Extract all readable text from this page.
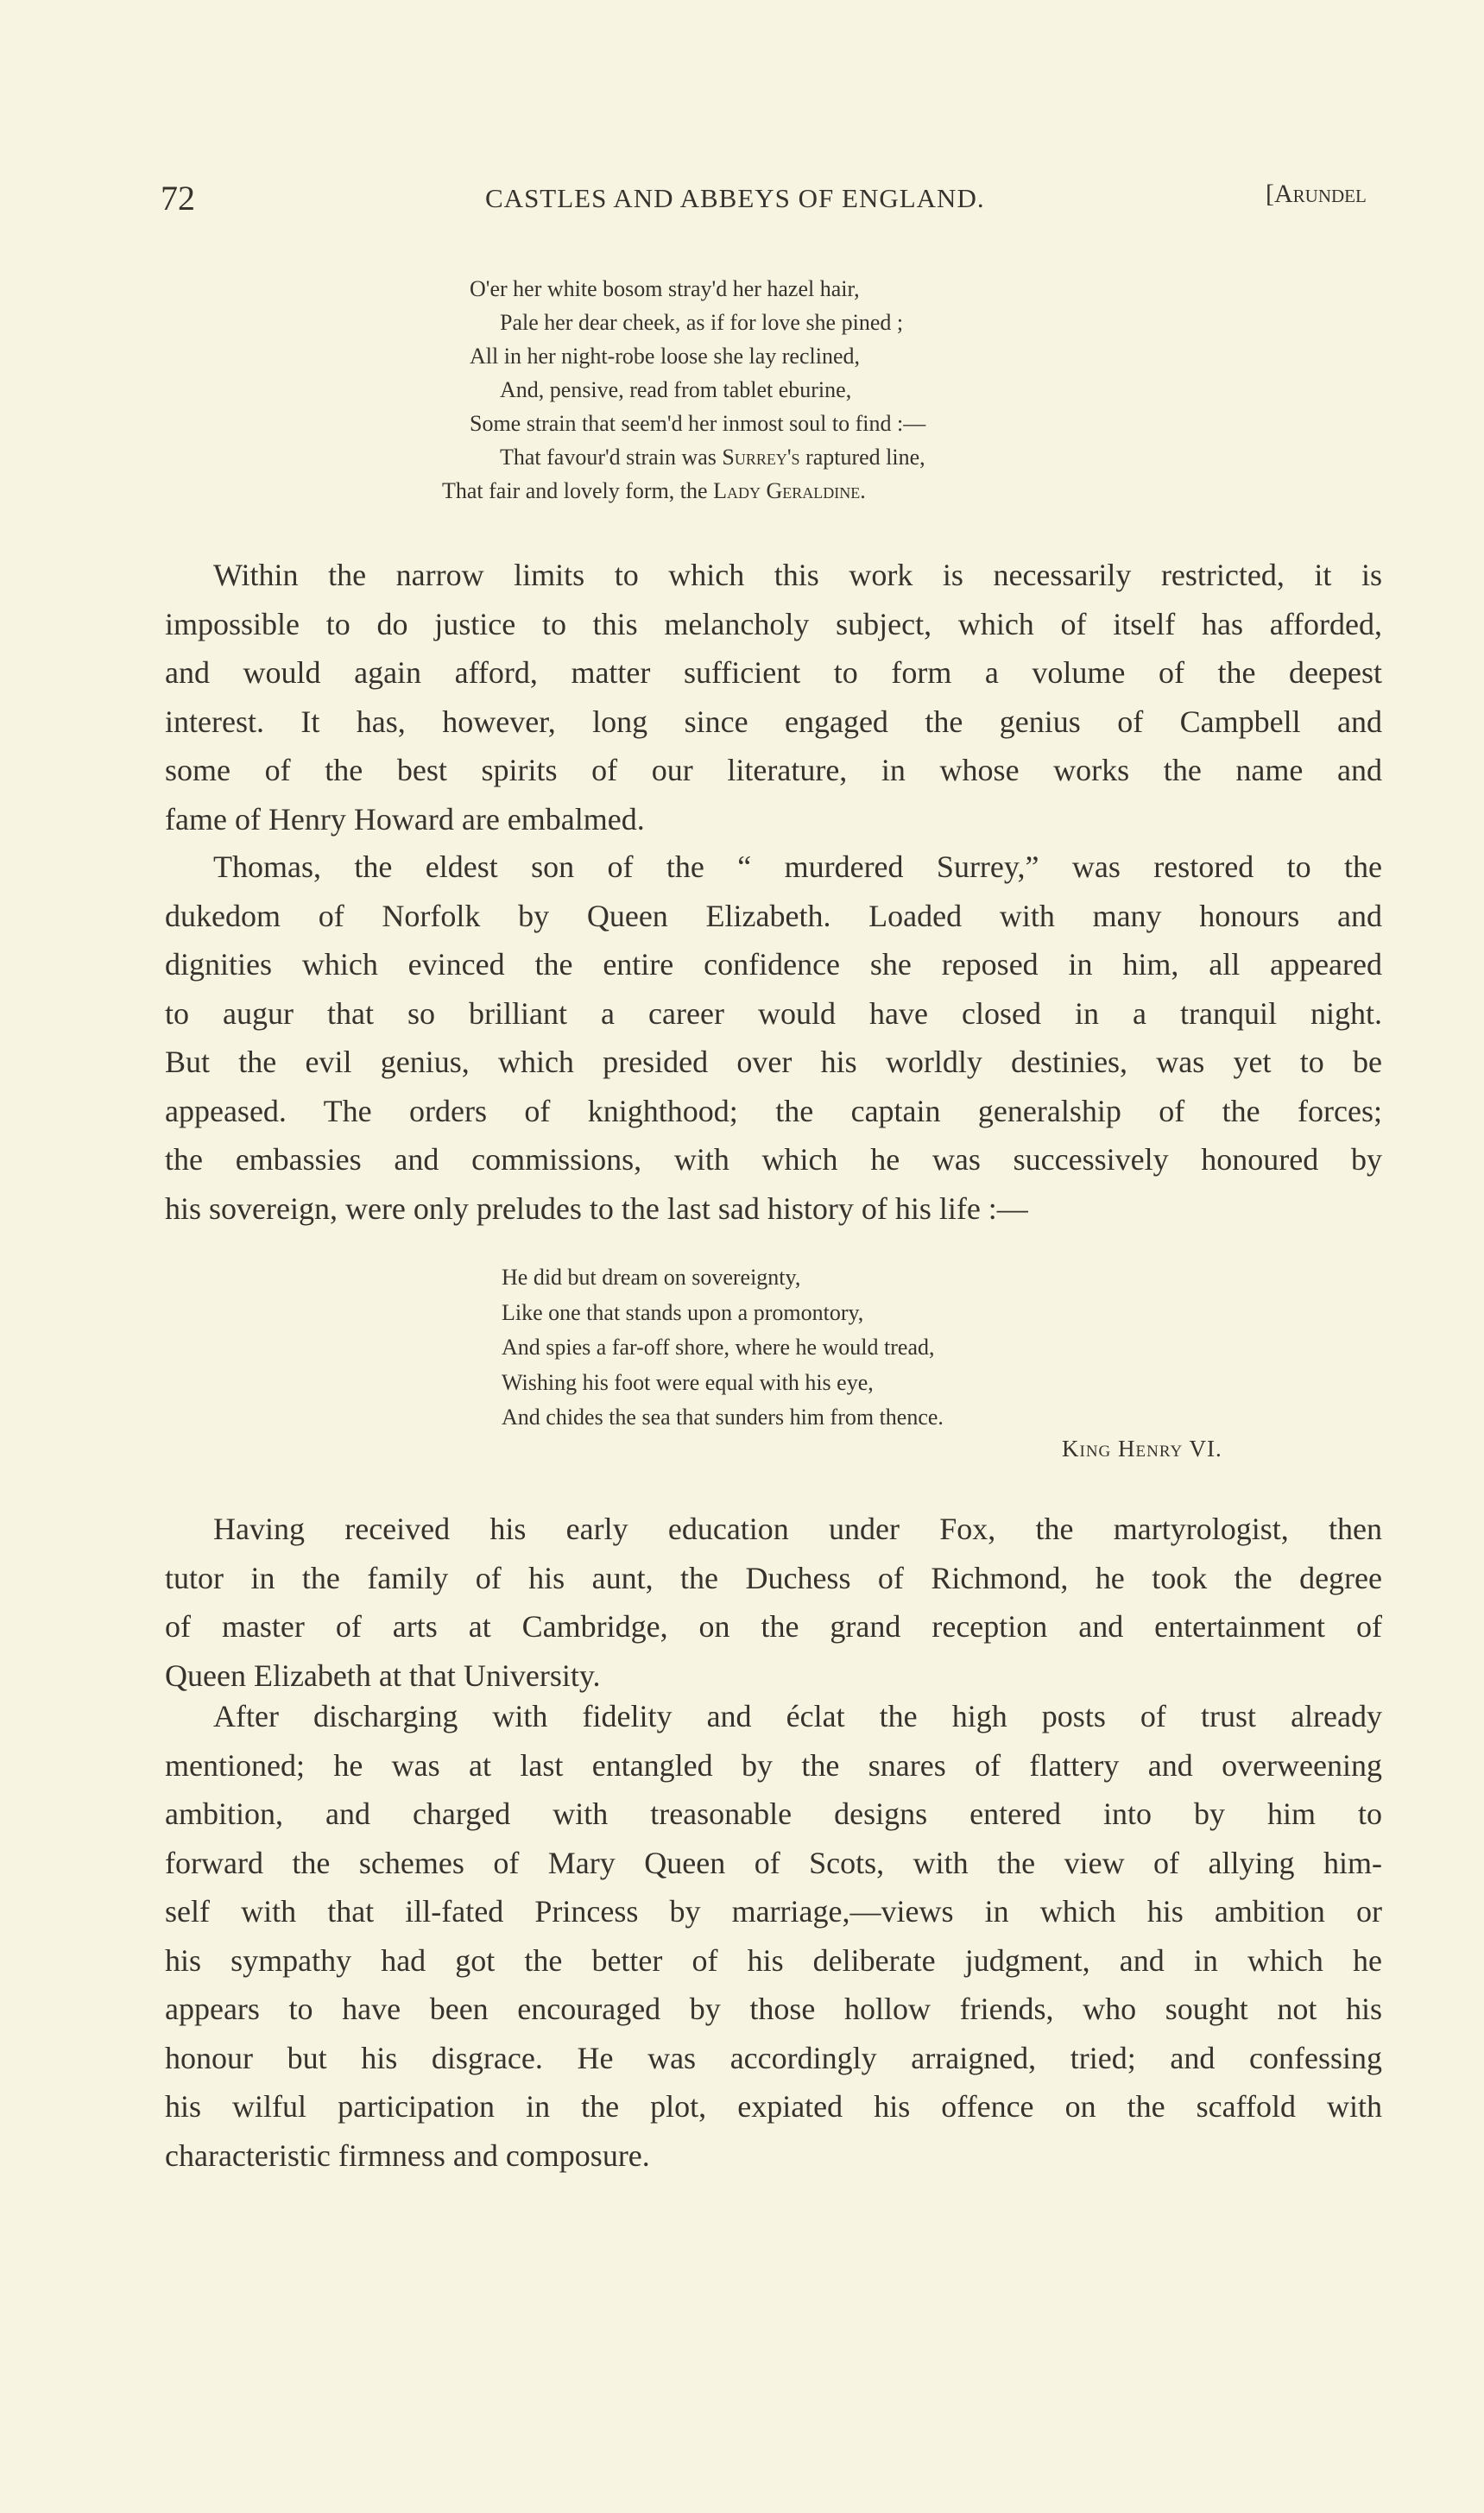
72	CASTLES AND ABBEYS OF ENGLAND.	[Arundel
O'er her white bosom stray'd her hazel hair,
Pale her dear cheek, as if for love she pined ;
All in her night-robe loose she lay reclined,
And, pensive, read from tablet eburine,
Some strain that seem'd her inmost soul to find :—
That favour'd strain was Surrey's raptured line,
That fair and lovely form, the Lady Geraldine.
Within the narrow limits to which this work is necessarily restricted, it is
impossible to do justice to this melancholy subject, which of itself has afforded,
and would again afford, matter sufficient to form a volume of the deepest
interest. It has, however, long since engaged the genius of Campbell and
some of the best spirits of our literature, in whose works the name and
fame of Henry Howard are embalmed.
Thomas, the eldest son of the “ murdered Surrey,” was restored to the
dukedom of Norfolk by Queen Elizabeth. Loaded with many honours and
dignities which evinced the entire confidence she reposed in him, all appeared
to augur that so brilliant a career would have closed in a tranquil night.
But the evil genius, which presided over his worldly destinies, was yet to be
appeased. The orders of knighthood; the captain generalship of the forces;
the embassies and commissions, with which he was successively honoured by
his sovereign, were only preludes to the last sad history of his life :—
He did but dream on sovereignty,
Like one that stands upon a promontory,
And spies a far-off shore, where he would tread,
Wishing his foot were equal with his eye,
And chides the sea that sunders him from thence.
King Henry VI.
Having received his early education under Fox, the martyrologist, then
tutor in the family of his aunt, the Duchess of Richmond, he took the degree
of master of arts at Cambridge, on the grand reception and entertainment of
Queen Elizabeth at that University.
After discharging with fidelity and éclat the high posts of trust already
mentioned; he was at last entangled by the snares of flattery and overweening
ambition, and charged with treasonable designs entered into by him to
forward the schemes of Mary Queen of Scots, with the view of allying him-
self with that ill-fated Princess by marriage,—views in which his ambition or
his sympathy had got the better of his deliberate judgment, and in which he
appears to have been encouraged by those hollow friends, who sought not his
honour but his disgrace. He was accordingly arraigned, tried; and confessing
his wilful participation in the plot, expiated his offence on the scaffold with
characteristic firmness and composure.
